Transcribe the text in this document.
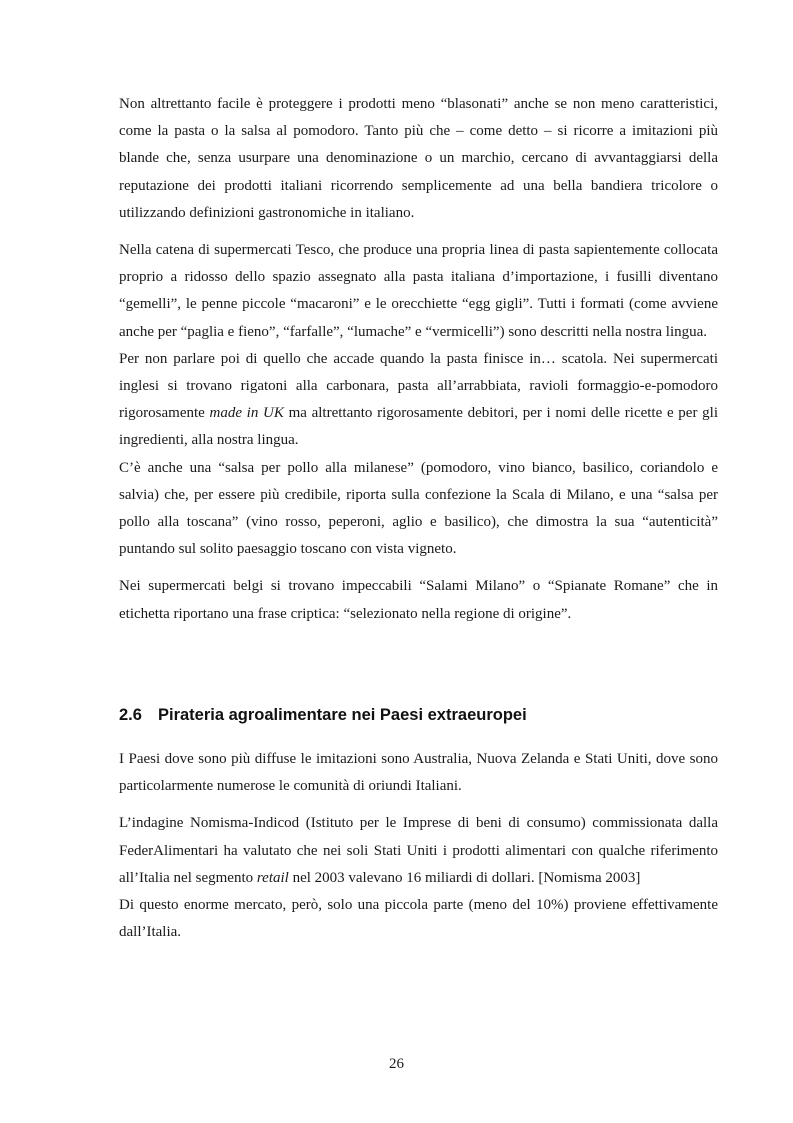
Non altrettanto facile è proteggere i prodotti meno “blasonati” anche se non meno caratteristici, come la pasta o la salsa al pomodoro. Tanto più che – come detto – si ricorre a imitazioni più blande che, senza usurpare una denominazione o un marchio, cercano di avvantaggiarsi della reputazione dei prodotti italiani ricorrendo semplicemente ad una bella bandiera tricolore o utilizzando definizioni gastronomiche in italiano.

Nella catena di supermercati Tesco, che produce una propria linea di pasta sapientemente collocata proprio a ridosso dello spazio assegnato alla pasta italiana d’importazione, i fusilli diventano “gemelli”, le penne piccole “macaroni” e le orecchiette “egg gigli”. Tutti i formati (come avviene anche per “paglia e fieno”, “farfalle”, “lumache” e “vermicelli”) sono descritti nella nostra lingua.

Per non parlare poi di quello che accade quando la pasta finisce in… scatola. Nei supermercati inglesi si trovano rigatoni alla carbonara, pasta all’arrabbiata, ravioli formaggio-e-pomodoro rigorosamente made in UK ma altrettanto rigorosamente debitori, per i nomi delle ricette e per gli ingredienti, alla nostra lingua.

C’è anche una “salsa per pollo alla milanese” (pomodoro, vino bianco, basilico, coriandolo e salvia) che, per essere più credibile, riporta sulla confezione la Scala di Milano, e una “salsa per pollo alla toscana” (vino rosso, peperoni, aglio e basilico), che dimostra la sua “autenticità” puntando sul solito paesaggio toscano con vista vigneto.

Nei supermercati belgi si trovano impeccabili “Salami Milano” o “Spianate Romane” che in etichetta riportano una frase criptica: “selezionato nella regione di origine”.

2.6 Pirateria agroalimentare nei Paesi extraeuropei

I Paesi dove sono più diffuse le imitazioni sono Australia, Nuova Zelanda e Stati Uniti, dove sono particolarmente numerose le comunità di oriundi Italiani.

L’indagine Nomisma-Indicod (Istituto per le Imprese di beni di consumo) commissionata dalla FederAlimentari ha valutato che nei soli Stati Uniti i prodotti alimentari con qualche riferimento all’Italia nel segmento retail nel 2003 valevano 16 miliardi di dollari. [Nomisma 2003]

Di questo enorme mercato, però, solo una piccola parte (meno del 10%) proviene effettivamente dall’Italia.

26
